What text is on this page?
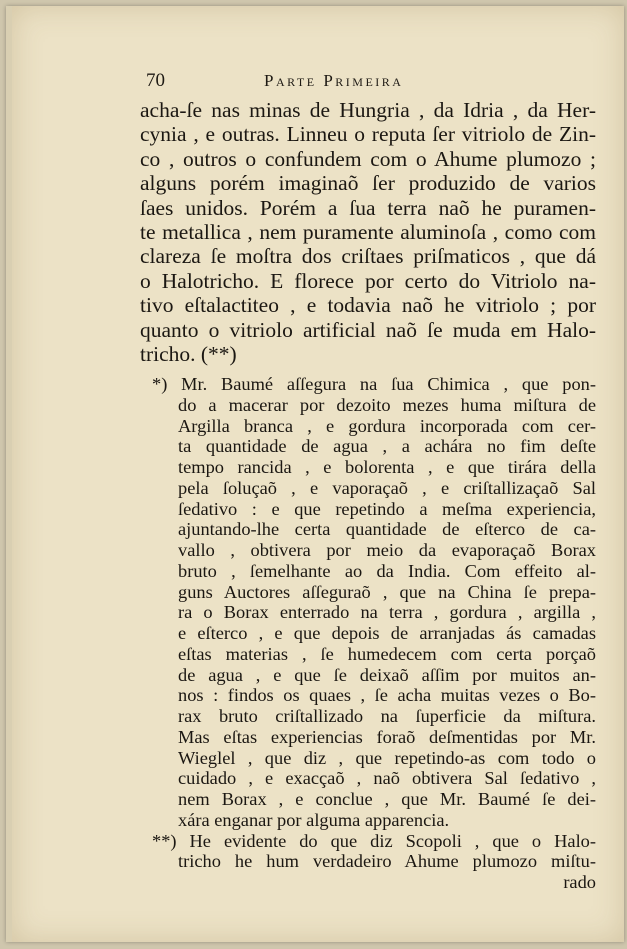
70	Parte Primeira
acha-ſe nas minas de Hungria , da Idria , da Her-
cynia , e outras. Linneu o reputa ſer vitriolo de Zin-
co , outros o confundem com o Ahume plumozo ;
alguns porém imaginaõ ſer produzido de varios
ſaes unidos. Porém a ſua terra naõ he puramen-
te metallica , nem puramente aluminoſa , como com
clareza ſe moſtra dos criſtaes priſmaticos , que dá
o Halotricho. E florece por certo do Vitriolo na-
tivo eſtalactiteo , e todavia naõ he vitriolo ; por
quanto o vitriolo artificial naõ ſe muda em Halo-
tricho. (**)
*) Mr. Baumé aſſegura na ſua Chimica , que pon-
do a macerar por dezoito mezes huma miſtura de
Argilla branca , e gordura incorporada com cer-
ta quantidade de agua , a achára no fim deſte
tempo rancida , e bolorenta , e que tirára della
pela ſoluçaõ , e vaporaçaõ , e criſtallizaçaõ Sal
ſedativo : e que repetindo a meſma experiencia,
ajuntando-lhe certa quantidade de eſterco de ca-
vallo , obtivera por meio da evaporaçaõ Borax
bruto , ſemelhante ao da India. Com effeito al-
guns Auctores aſſeguraõ , que na China ſe prepa-
ra o Borax enterrado na terra , gordura , argilla ,
e eſterco , e que depois de arranjadas ás camadas
eſtas materias , ſe humedecem com certa porçaõ
de agua , e que ſe deixaõ aſſim por muitos an-
nos : findos os quaes , ſe acha muitas vezes o Bo-
rax bruto criſtallizado na ſuperficie da miſtura.
Mas eſtas experiencias foraõ deſmentidas por Mr.
Wieglel , que diz , que repetindo-as com todo o
cuidado , e exacçaõ , naõ obtivera Sal ſedativo ,
nem Borax , e conclue , que Mr. Baumé ſe dei-
xára enganar por alguma apparencia.
**) He evidente do que diz Scopoli , que o Halo-
tricho he hum verdadeiro Ahume plumozo miſtu-
rado
